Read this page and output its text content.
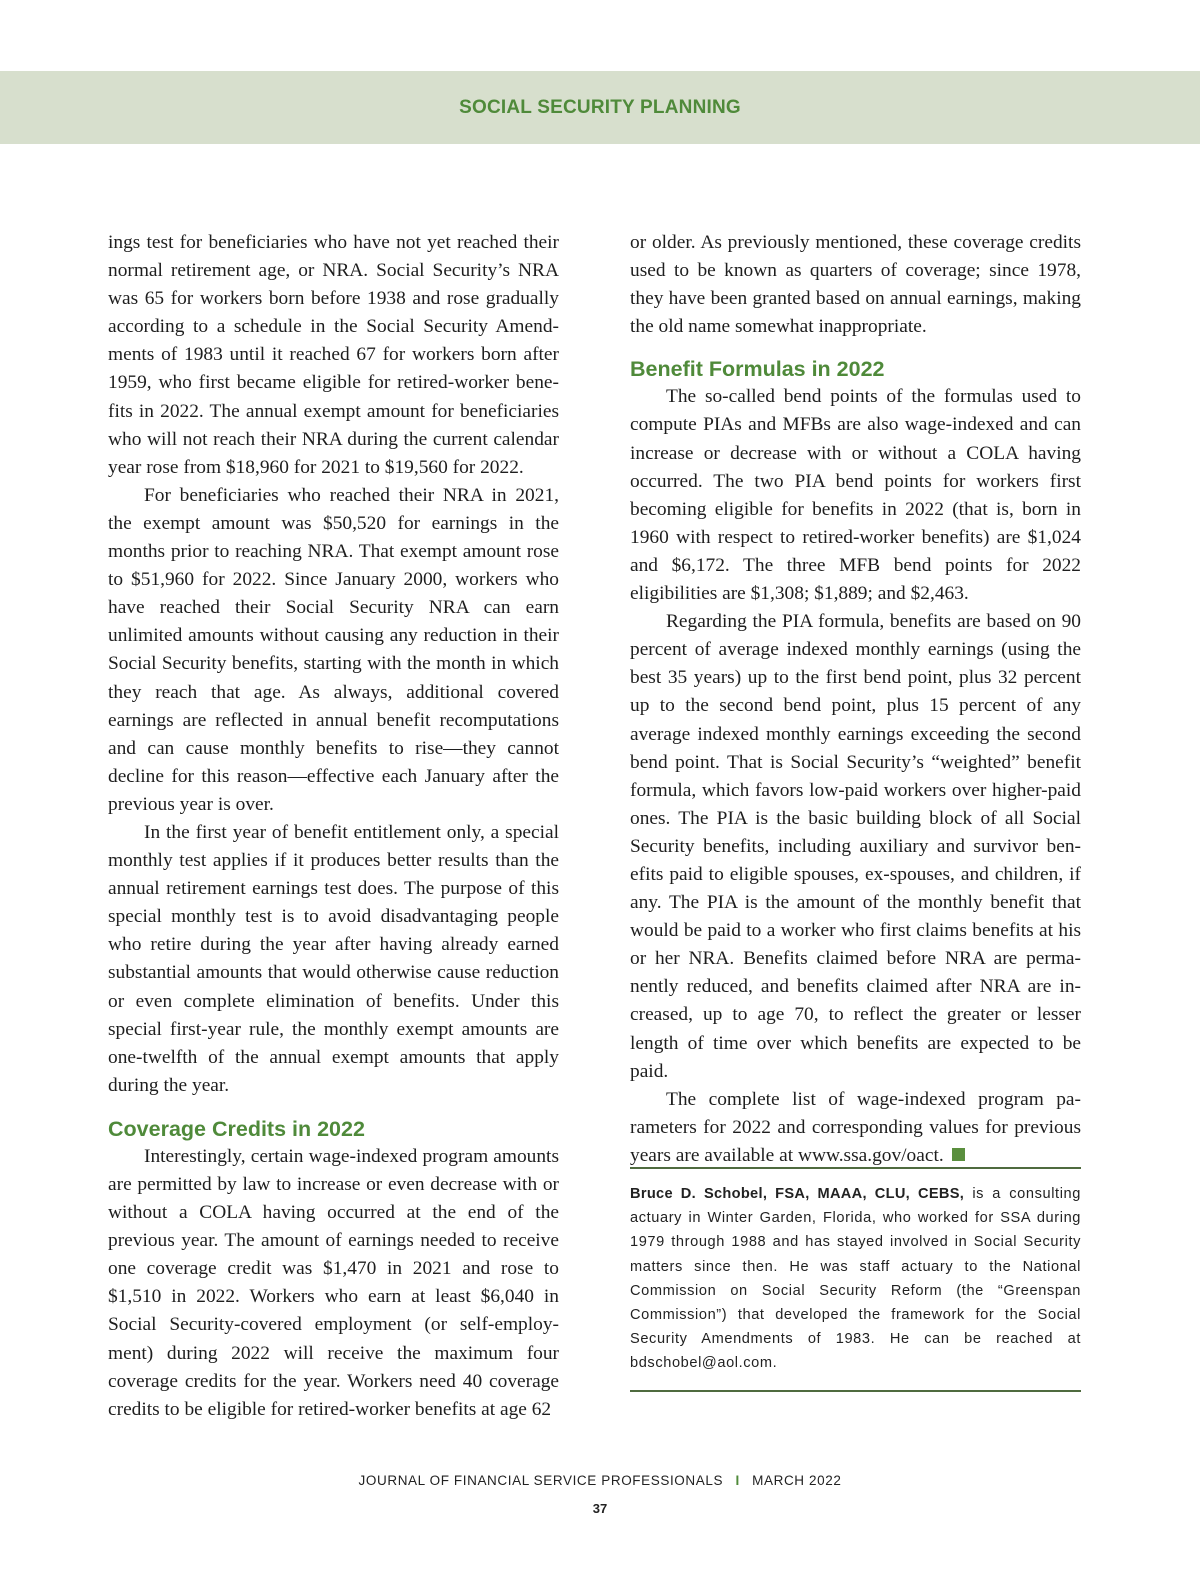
SOCIAL SECURITY PLANNING

ings test for beneficiaries who have not yet reached their normal retirement age, or NRA. Social Security’s NRA was 65 for workers born before 1938 and rose gradually according to a schedule in the Social Security Amendments of 1983 until it reached 67 for workers born after 1959, who first became eligible for retired-worker benefits in 2022. The annual exempt amount for beneficiaries who will not reach their NRA during the current calendar year rose from $18,960 for 2021 to $19,560 for 2022.

For beneficiaries who reached their NRA in 2021, the exempt amount was $50,520 for earnings in the months prior to reaching NRA. That exempt amount rose to $51,960 for 2022. Since January 2000, workers who have reached their Social Security NRA can earn unlimited amounts without causing any reduction in their Social Security benefits, starting with the month in which they reach that age. As always, additional covered earnings are reflected in annual benefit recomputations and can cause monthly benefits to rise—they cannot decline for this reason—effective each January after the previous year is over.

In the first year of benefit entitlement only, a special monthly test applies if it produces better results than the annual retirement earnings test does. The purpose of this special monthly test is to avoid disadvantaging people who retire during the year after having already earned substantial amounts that would otherwise cause reduction or even complete elimination of benefits. Under this special first-year rule, the monthly exempt amounts are one-twelfth of the annual exempt amounts that apply during the year.

Coverage Credits in 2022

Interestingly, certain wage-indexed program amounts are permitted by law to increase or even decrease with or without a COLA having occurred at the end of the previous year. The amount of earnings needed to receive one coverage credit was $1,470 in 2021 and rose to $1,510 in 2022. Workers who earn at least $6,040 in Social Security-covered employment (or self-employment) during 2022 will receive the maximum four coverage credits for the year. Workers need 40 coverage credits to be eligible for retired-worker benefits at age 62

or older. As previously mentioned, these coverage credits used to be known as quarters of coverage; since 1978, they have been granted based on annual earnings, making the old name somewhat inappropriate.

Benefit Formulas in 2022

The so-called bend points of the formulas used to compute PIAs and MFBs are also wage-indexed and can increase or decrease with or without a COLA having occurred. The two PIA bend points for workers first becoming eligible for benefits in 2022 (that is, born in 1960 with respect to retired-worker benefits) are $1,024 and $6,172. The three MFB bend points for 2022 eligibilities are $1,308; $1,889; and $2,463.

Regarding the PIA formula, benefits are based on 90 percent of average indexed monthly earnings (using the best 35 years) up to the first bend point, plus 32 percent up to the second bend point, plus 15 percent of any average indexed monthly earnings exceeding the second bend point. That is Social Security’s “weighted” benefit formula, which favors low-paid workers over higher-paid ones. The PIA is the basic building block of all Social Security benefits, including auxiliary and survivor benefits paid to eligible spouses, ex-spouses, and children, if any. The PIA is the amount of the monthly benefit that would be paid to a worker who first claims benefits at his or her NRA. Benefits claimed before NRA are permanently reduced, and benefits claimed after NRA are increased, up to age 70, to reflect the greater or lesser length of time over which benefits are expected to be paid.

The complete list of wage-indexed program parameters for 2022 and corresponding values for previous years are available at www.ssa.gov/oact.

Bruce D. Schobel, FSA, MAAA, CLU, CEBS, is a consulting actuary in Winter Garden, Florida, who worked for SSA during 1979 through 1988 and has stayed involved in Social Security matters since then. He was staff actuary to the National Commission on Social Security Reform (the “Greenspan Commission”) that developed the framework for the Social Security Amendments of 1983. He can be reached at bdschobel@aol.com.
JOURNAL OF FINANCIAL SERVICE PROFESSIONALS I MARCH 2022
37
